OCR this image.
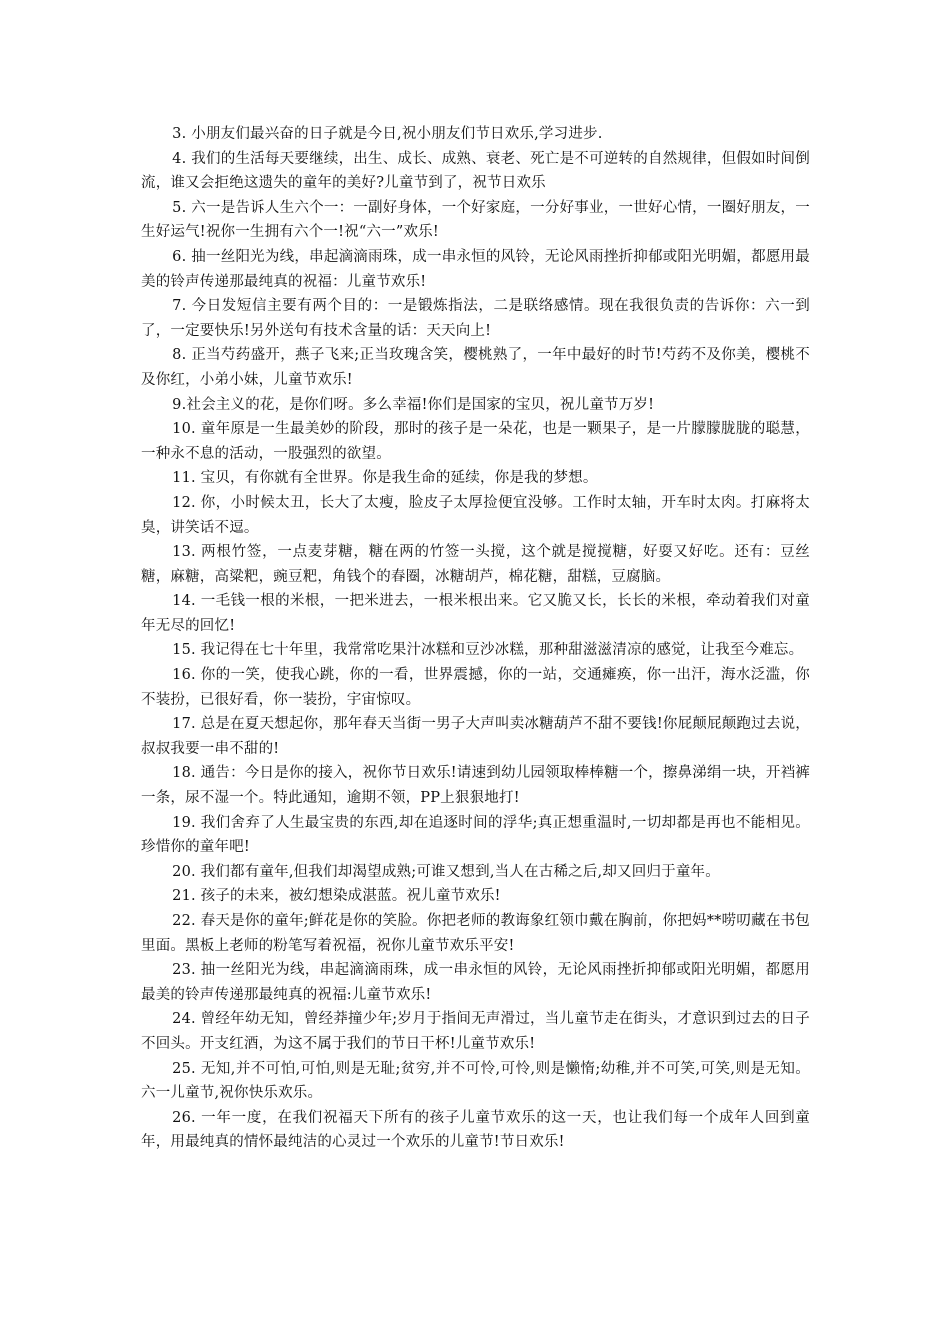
3. 小朋友们最兴奋的日子就是今日,祝小朋友们节日欢乐,学习进步.

4. 我们的生活每天要继续，出生、成长、成熟、衰老、死亡是不可逆转的自然规律，但假如时间倒流，谁又会拒绝这遗失的童年的美好?儿童节到了，祝节日欢乐

5. 六一是告诉人生六个一：一副好身体，一个好家庭，一分好事业，一世好心情，一圈好朋友，一生好运气!祝你一生拥有六个一!祝“六一”欢乐!

6. 抽一丝阳光为线，串起滴滴雨珠，成一串永恒的风铃，无论风雨挫折抑郁或阳光明媚，都愿用最美的铃声传递那最纯真的祝福：儿童节欢乐!

7. 今日发短信主要有两个目的：一是锻炼指法，二是联络感情。现在我很负责的告诉你：六一到了，一定要快乐!另外送句有技术含量的话：天天向上!

8. 正当芍药盛开，燕子飞来;正当玫瑰含笑，樱桃熟了，一年中最好的时节!芍药不及你美，樱桃不及你红，小弟小妹，儿童节欢乐!

9.社会主义的花，是你们呀。多么幸福!你们是国家的宝贝，祝儿童节万岁!

10. 童年原是一生最美妙的阶段，那时的孩子是一朵花，也是一颗果子，是一片朦朦胧胧的聪慧，一种永不息的活动，一股强烈的欲望。

11. 宝贝，有你就有全世界。你是我生命的延续，你是我的梦想。

12. 你，小时候太丑，长大了太瘦，脸皮子太厚捡便宜没够。工作时太轴，开车时太肉。打麻将太臭，讲笑话不逗。

13. 两根竹签，一点麦芽糖，糖在两的竹签一头搅，这个就是搅搅糖，好耍又好吃。还有：豆丝糖，麻糖，高粱粑，豌豆粑，角钱个的春圈，冰糖胡芦，棉花糖，甜糕，豆腐脑。

14. 一毛钱一根的米根，一把米进去，一根米根出来。它又脆又长，长长的米根，牵动着我们对童年无尽的回忆!

15. 我记得在七十年里，我常常吃果汁冰糕和豆沙冰糕，那种甜滋滋清凉的感觉，让我至今难忘。

16. 你的一笑，使我心跳，你的一看，世界震撼，你的一站，交通瘫痪，你一出汗，海水泛滥，你不装扮，已很好看，你一装扮，宇宙惊叹。

17. 总是在夏天想起你，那年春天当街一男子大声叫卖冰糖葫芦不甜不要钱!你屁颠屁颠跑过去说，叔叔我要一串不甜的!

18. 通告：今日是你的接入，祝你节日欢乐!请速到幼儿园领取棒棒糖一个，擦鼻涕绢一块，开裆裤一条，尿不湿一个。特此通知，逾期不领，PP上狠狠地打!

19. 我们舍弃了人生最宝贵的东西,却在追逐时间的浮华;真正想重温时,一切却都是再也不能相见。珍惜你的童年吧!

20. 我们都有童年,但我们却渴望成熟;可谁又想到,当人在古稀之后,却又回归于童年。

21. 孩子的未来，被幻想染成湛蓝。祝儿童节欢乐!

22. 春天是你的童年;鲜花是你的笑脸。你把老师的教诲象红领巾戴在胸前，你把妈**唠叨藏在书包里面。黑板上老师的粉笔写着祝福，祝你儿童节欢乐平安!

23. 抽一丝阳光为线，串起滴滴雨珠，成一串永恒的风铃，无论风雨挫折抑郁或阳光明媚，都愿用最美的铃声传递那最纯真的祝福:儿童节欢乐!

24. 曾经年幼无知，曾经莽撞少年;岁月于指间无声滑过，当儿童节走在街头，才意识到过去的日子不回头。开支红酒，为这不属于我们的节日干杯!儿童节欢乐!

25. 无知,并不可怕,可怕,则是无耻;贫穷,并不可怜,可怜,则是懒惰;幼稚,并不可笑,可笑,则是无知。六一儿童节,祝你快乐欢乐。

26. 一年一度，在我们祝福天下所有的孩子儿童节欢乐的这一天，也让我们每一个成年人回到童年，用最纯真的情怀最纯洁的心灵过一个欢乐的儿童节!节日欢乐!
